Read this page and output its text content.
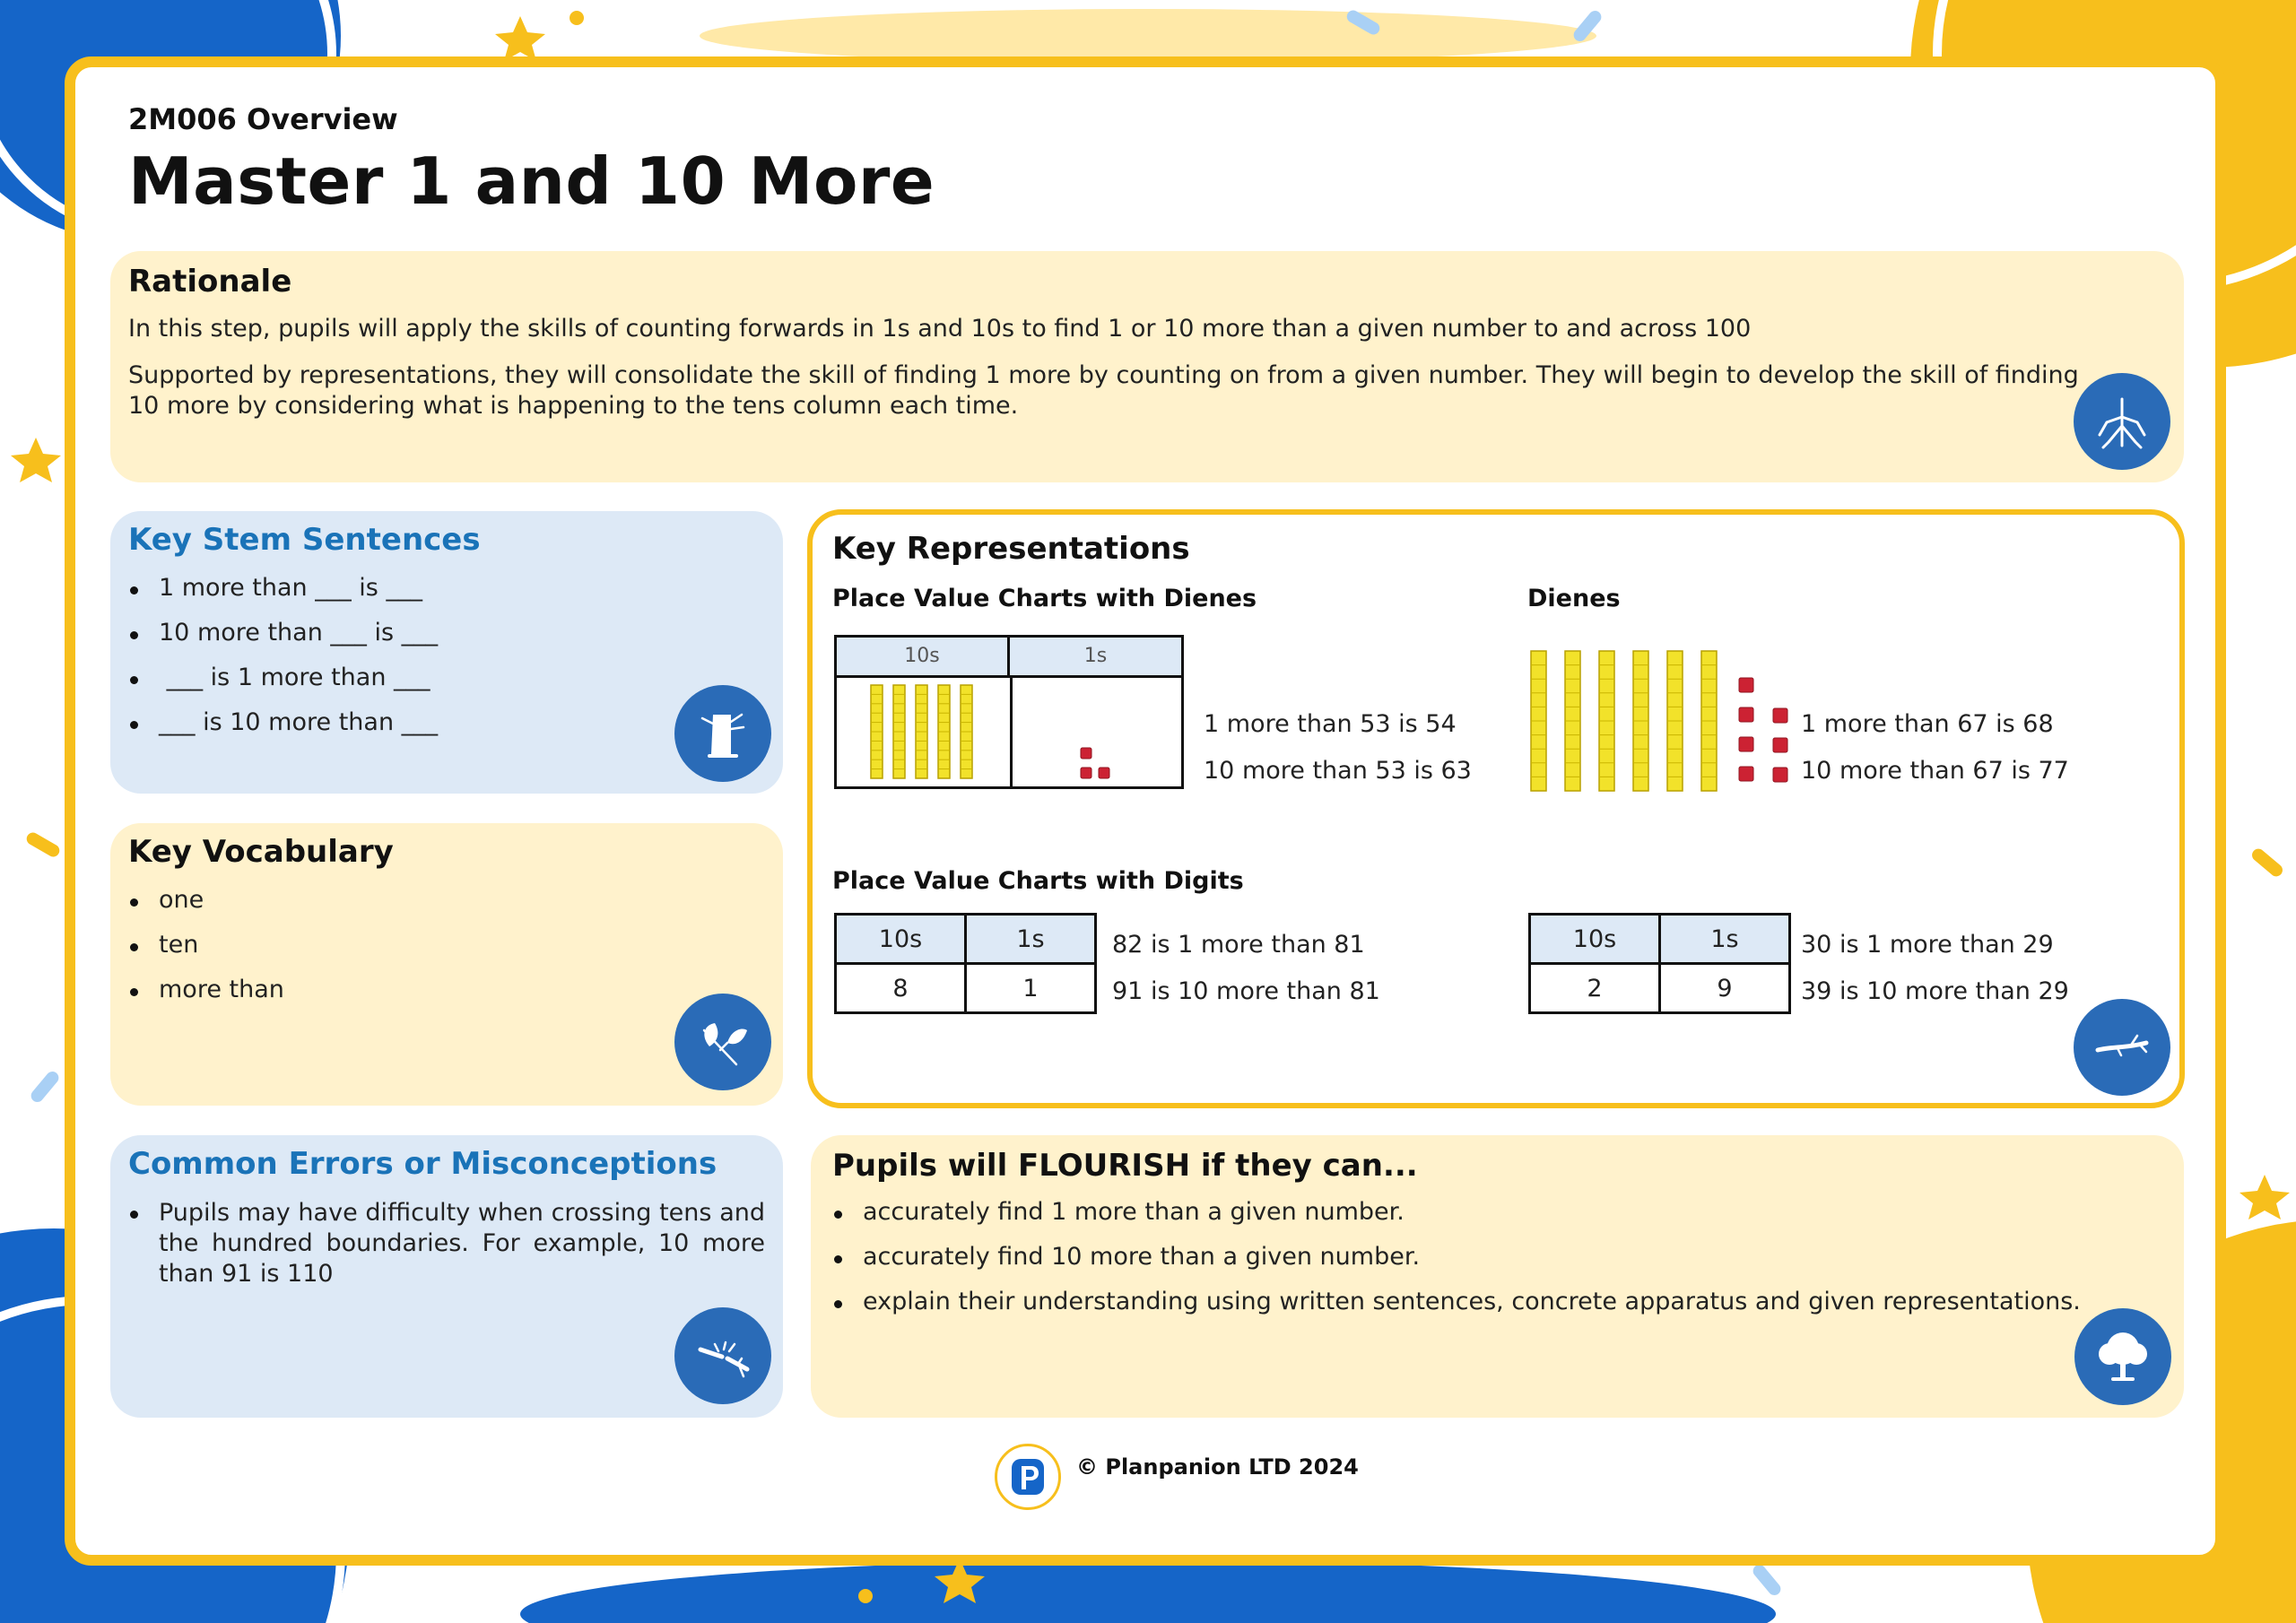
2M006 Overview
Master 1 and 10 More
Rationale
In this step, pupils will apply the skills of counting forwards in 1s and 10s to find 1 or 10 more than a given number to and across 100
Supported by representations, they will consolidate the skill of finding 1 more by counting on from a given number. They will begin to develop the skill of finding 10 more by considering what is happening to the tens column each time.
Key Stem Sentences
1 more than ___ is ___
10 more than ___ is ___
___ is 1 more than ___
___ is 10 more than ___
Key Vocabulary
one
ten
more than
Common Errors or Misconceptions
Pupils may have difficulty when crossing tens and the hundred boundaries. For example, 10 more than 91 is 110
Key Representations
Place Value Charts with Dienes
10s	1s
1 more than 53 is 54
10 more than 53 is 63
Dienes
1 more than 67 is 68
10 more than 67 is 77
Place Value Charts with Digits
10s	1s
8	1
82 is 1 more than 81
91 is 10 more than 81
10s	1s
2	9
30 is 1 more than 29
39 is 10 more than 29
Pupils will FLOURISH if they can...
accurately find 1 more than a given number.
accurately find 10 more than a given number.
explain their understanding using written sentences, concrete apparatus and given representations.
© Planpanion LTD 2024
